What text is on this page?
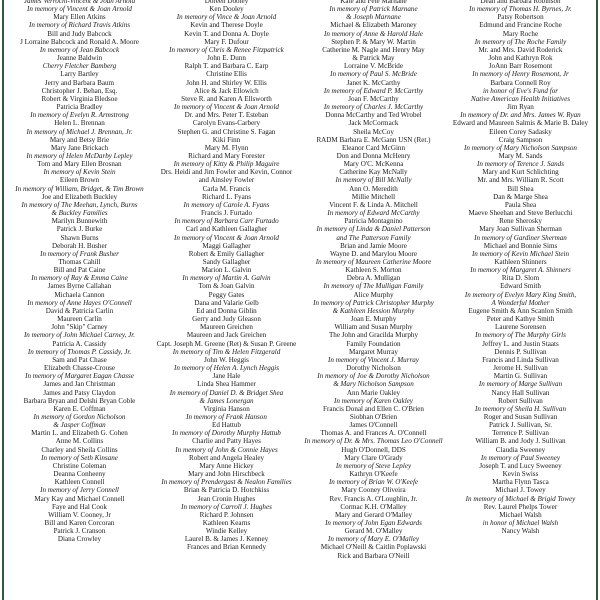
James Verrochi-Vincent & Joan Arnold
In memory of Vincent & Joan Arnold
Mary Ellen Atkins
In memory of Richard Travis Atkins
Bill and Judy Babcock
J Lorraine Babcock and Ronald A. Moore
In memory of Jean Babcock
Jeanne Baldwin
Cherry Fletcher Bamberg
Larry Bartley
Jerry and Barbara Baum
Christopher J. Behan, Esq.
Robert & Virginia Bledsoe
Patricia Bradley
In memory of Evelyn R. Armstrong
Helen L. Brennan
In memory of Michael J. Brennan, Jr.
Mary and Betsy Brie
Mary Jane Brickach
In memory of Helen McDarby Lepley
Tom and Mary Ellen Brosnan
In memory of Kevin Stein
Eileen Brown
In memory of William, Bridget, & Tim Brown
Joe and Elizabeth Buckley
In memory of The Meehan, Lynch, Burns
& Buckley Families
Marilyn Bunnewith
Patrick J. Burke
Shawn Burns
Deborah H. Busher
In memory of Frank Busher
Thomas Cahill
Bill and Pat Caine
In memory of Ray & Emma Caine
James Byrne Callahan
Michaela Cannon
In memory of Anne Hayes O'Connell
David & Patricia Carlin
Maureen Carlin
John "Skip" Carney
In memory of John Michael Carney, Jr.
Patricia A. Cassidy
In memory of Thomas P. Cassidy, Jr.
Sam and Pat Chase
Elizabeth Chasse-Crouse
In memory of Margaret Eagan Chasse
James and Jan Christman
James and Patsy Claydon
Barbara Bryan and Delshi Bryan Coble
Karen E. Coffman
In memory of Gordon Nicholson
& Jasper Coffman
Martin L. and Elizabeth G. Cohen
Anne M. Collins
Charley and Sheila Collins
In memory of Seth Kinsane
Christine Coleman
Deanna Conheeny
Kathleen Connell
In memory of Jerry Connell
Mary Kay and Michael Connell
Faye and Hal Cook
William V. Cooney, Jr
Bill and Karen Corcoran
Patrick J. Cranson
Diana Crowley
Doreen Dooley
Ken Dooley
In memory of Vince & Joan Arnold
Kevin and Therese Doyle
Kevin T. and Donna A. Doyle
Mary F. Dufour
In memory of Chris & Renee Fitzpatrick
John E. Dunn
Ralph T. and Barbara C. Earp
Christine Ellis
John H. and Shirley W. Ellis
Alice & Jack Ellowich
Steve R. and Karen A Ellsworth
In memory of Vincent & Joan Arnold
Dr. and Mrs. Peter T. Esteban
Carolyn Evans-Carbery
Stephen G. and Christine S. Fagan
Kiki Finn
Mary M. Flynn
Richard and Mary Forester
In memory of Kitty & Philip Maguire
Drs. Heidi and Jim Fowler and Kevin, Connor
and Ainsley Fowler
Carla M. Francis
Richard L. Fyans
In memory of Carole A. Fyans
Francis J. Furtado
In memory of Barbara Carr Furtado
Carl and Kathleen Gallagher
In memory of Vincent & Joan Arnold
Maggi Gallagher
Robert & Emily Gallagher
Sandy Gallagher
Marion L. Galvin
In memory of Martin A. Galvin
Tom & Joan Galvin
Peggy Gates
Dana and Valarie Gelb
Ed and Donna Giblin
Gerry and Judy Gleason
Maureen Greichen
Maureen and Jack Greichen
Capt. Joseph M. Greene (Ret) & Susan P. Greene
In memory of Tim & Helen Fitzgerald
John W. Heggis
In memory of Helen A. Lynch Heggis
Jane Hale
Linda Shea Hammer
In memory of Daniel D. & Bridget Shea
& James Lonergan
Virginia Hanson
In memory of Frank Hanson
Ed Hattub
In memory of Dorothy Murphy Hattub
Charlie and Patty Hayes
In memory of John & Connie Hayes
Robert and Angela Healey
Mary Anne Hickey
Mary and John Hirschbeck
In memory of Prendergast & Nealon Families
Brian & Patricia D. Hotchkiss
Jean Cronin Hughes
In memory of Carroll J. Hughes
Richard P. Johnsen
Kathleen Kearns
Windie Kelley
Laurel B. & James J. Kenney
Frances and Brian Kennedy
Kate and Pete Marnane
In memory of Patrick Marnane
& Joseph Marnane
Michael & Elizabeth Maroney
In memory of Anne & Harold Hale
Stephen P. & Mary W. Martin
Catherine M. Nagle and Henry May
& Patrick May
Lorraine V. McBride
In memory of Paul S. McBride
Janet K. McCarthy
In memory of Edward P. McCarthy
Joan F. McCarthy
In memory of Charles J. McCarthy
Donna McCarthy and Ted Wrobel
Jack McCormack
Sheila McCoy
RADM Barbara E. McGann USN (Ret.)
Eleanor Card McGinn
Don and Donna McHenry
Mary O'C. McKenna
Catherine Kay McNally
In memory of Bill McNally
Ann O. Meredith
Millie Mitchell
Vincent F. & Linda A. Mitchell
In memory of Edward McCarthy
Patricia Montagnino
In memory of Linda & Daniel Patterson
and The Patterson Family
Brian and Jamie Moore
Wayne D. and Marylou Moore
In memory of Maureen Catherine Moore
Kathleen S. Morton
Debra A. Mulligan
In memory of The Mulligan Family
Alice Murphy
In memory of Patrick Christopher Murphy
& Kathleen Hession Murphy
Joan E. Murphy
William and Susan Murphy
The John and Gracilda Murphy
Family Foundation
Margaret Murray
In memory of Vincent J. Murray
Dorothy Nicholson
In memory of Joe & Dorothy Nicholson
& Mary Nicholson Sampson
Ann Marie Oakley
In memory of Karen Oakley
Francis Donal and Ellen C. O'Brien
Siobhan O'Brien
James O'Connell
Thomas A. and Frances A. O'Connell
In memory of Dr. & Mrs. Thomas Leo O'Connell
Hugh O'Donnell, DDS
Mary Clare O'Grady
In memory of Steve Lepley
Kathryn O'Keefe
In memory of Brian W. O'Keefe
Mary Cooney Oliveira
Rev. Francis A. O'Loughlin, Jr.
Cormac K.H. O'Malley
Mary and Gerard O'Malley
In memory of John Egan Edwards
Gerard M. O'Malley
In memory of Mary E. O'Malley
Michael O'Neill & Caitlin Poplawski
Rick and Barbara O'Neill
Dean and Barbara Robinson
In memory of Thomas H. Byrnes, Jr.
Patsy Robertson
Edmund and Francine Roche
Mary Roche
In memory of The Roche Family
Mr. and Mrs. David Roderick
John and Kathryn Rok
JoAnn Barr Rosemont
In memory of Henry Rosemont, Jr
Barbara Connell Roy
in honor of Eve's Fund for
Native American Health Initiatives
Jim Ryan
In memory of Dr. and Mrs. James W. Ryan
Edward and Maureen Salmis & Marie B. Daley
Eileen Corey Sadasky
Craig Sampson
In memory of Mary Nicholson Sampson
Mary M. Sands
In memory of Terence J. Sands
Mary and Kurt Schlichting
Mr. and Mrs. William R. Scott
Bill Shea
Dan & Marge Shea
Paula Shea
Maeve Sheehan and Steve Berlucchi
Rene Sherosky
Mary Joan Sullivan Sherman
In memory of Gardiner Sherman
Michael and Bonnie Sims
In memory of Kevin Michael Stein
Kathleen Shinners
In memory of Margaret A. Shinners
Rita D. Slom
Edward Smith
In memory of Evelyn Mary King Smith,
A Wonderful Mother
Eugene Smith & Ann Scanlon Smith
Peter and Kathye Smith
Laurene Sorensen
In memory of The Murphy Girls
Jeffrey L. and Justin Staats
Dennis P. Sullivan
Francis and Linda Sullivan
Jerome H. Sullivan
Martin G. Sullivan
In memory of Marge Sullivan
Nancy Hall Sullivan
Robert Sullivan
In memory of Sheila H. Sullivan
Roger and Susan Sullivan
Patrick J. Sullivan, Sr.
Terrence P. Sullivan
William B. and Jody J. Sullivan
Claudia Sweeney
In memory of Paul Sweeney
Joseph T. and Lucy Sweeney
Kevin Swiss
Martha Flynn Tasca
Michael J. Towey
In memory of Michael & Brigid Towey
Rev. Laurel Phelps Tower
Michael Walsh
in honor of Michael Walsh
Nancy Walsh
